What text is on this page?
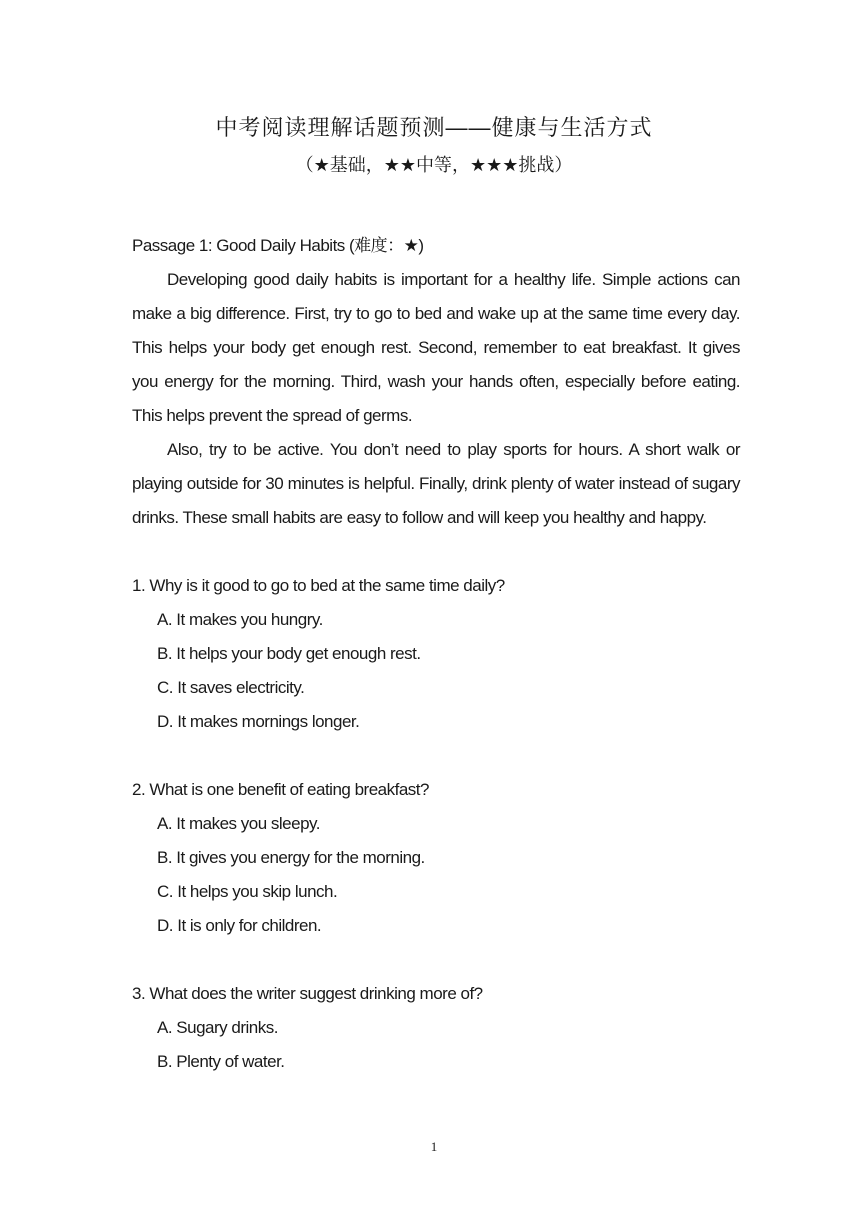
中考阅读理解话题预测——健康与生活方式
（★基础，★★中等，★★★挑战）
Passage 1: Good Daily Habits (难度：★)

Developing good daily habits is important for a healthy life. Simple actions can make a big difference. First, try to go to bed and wake up at the same time every day. This helps your body get enough rest. Second, remember to eat breakfast. It gives you energy for the morning. Third, wash your hands often, especially before eating. This helps prevent the spread of germs.

Also, try to be active. You don’t need to play sports for hours. A short walk or playing outside for 30 minutes is helpful. Finally, drink plenty of water instead of sugary drinks. These small habits are easy to follow and will keep you healthy and happy.

1. Why is it good to go to bed at the same time daily?
A. It makes you hungry.
B. It helps your body get enough rest.
C. It saves electricity.
D. It makes mornings longer.
2. What is one benefit of eating breakfast?
A. It makes you sleepy.
B. It gives you energy for the morning.
C. It helps you skip lunch.
D. It is only for children.
3. What does the writer suggest drinking more of?
A. Sugary drinks.
B. Plenty of water.
1
